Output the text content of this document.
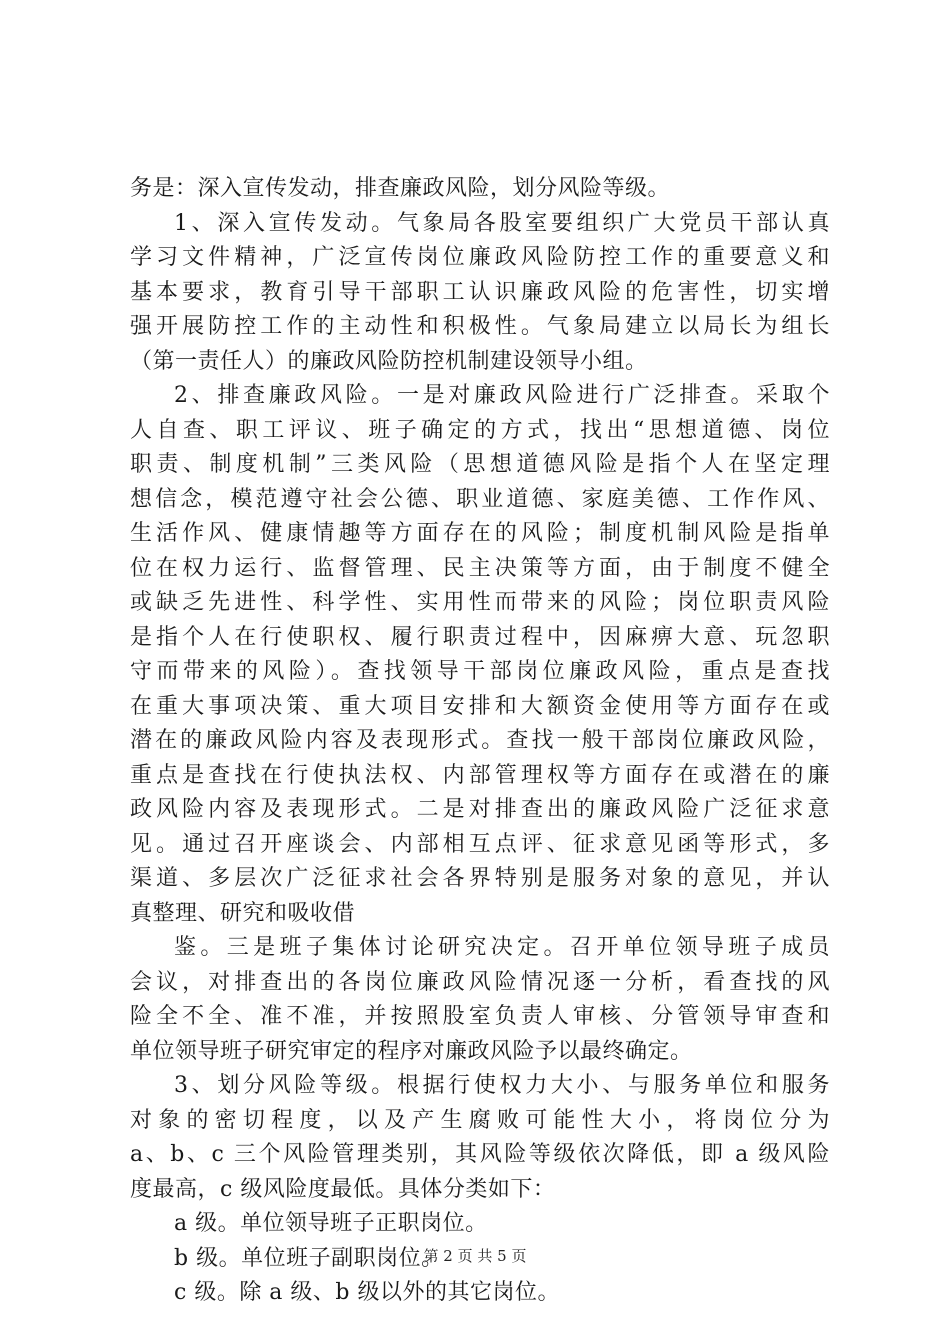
务是：深入宣传发动，排查廉政风险，划分风险等级。
1、深入宣传发动。气象局各股室要组织广大党员干部认真
学习文件精神，广泛宣传岗位廉政风险防控工作的重要意义和
基本要求，教育引导干部职工认识廉政风险的危害性，切实增
强开展防控工作的主动性和积极性。气象局建立以局长为组长
（第一责任人）的廉政风险防控机制建设领导小组。
2、排查廉政风险。一是对廉政风险进行广泛排查。采取个
人自查、职工评议、班子确定的方式，找出“思想道德、岗位
职责、制度机制”三类风险（思想道德风险是指个人在坚定理
想信念，模范遵守社会公德、职业道德、家庭美德、工作作风、
生活作风、健康情趣等方面存在的风险；制度机制风险是指单
位在权力运行、监督管理、民主决策等方面，由于制度不健全
或缺乏先进性、科学性、实用性而带来的风险；岗位职责风险
是指个人在行使职权、履行职责过程中，因麻痹大意、玩忽职
守而带来的风险）。查找领导干部岗位廉政风险，重点是查找
在重大事项决策、重大项目安排和大额资金使用等方面存在或
潜在的廉政风险内容及表现形式。查找一般干部岗位廉政风险，
重点是查找在行使执法权、内部管理权等方面存在或潜在的廉
政风险内容及表现形式。二是对排查出的廉政风险广泛征求意
见。通过召开座谈会、内部相互点评、征求意见函等形式，多
渠道、多层次广泛征求社会各界特别是服务对象的意见，并认
真整理、研究和吸收借
鉴。三是班子集体讨论研究决定。召开单位领导班子成员
会议，对排查出的各岗位廉政风险情况逐一分析，看查找的风
险全不全、准不准，并按照股室负责人审核、分管领导审查和
单位领导班子研究审定的程序对廉政风险予以最终确定。
3、划分风险等级。根据行使权力大小、与服务单位和服务
对象的密切程度，以及产生腐败可能性大小，将岗位分为
a、b、c 三个风险管理类别，其风险等级依次降低，即 a 级风险
度最高，c 级风险度最低。具体分类如下：
a 级。单位领导班子正职岗位。
b 级。单位班子副职岗位。
c 级。除 a 级、b 级以外的其它岗位。
第 2 页 共 5 页
